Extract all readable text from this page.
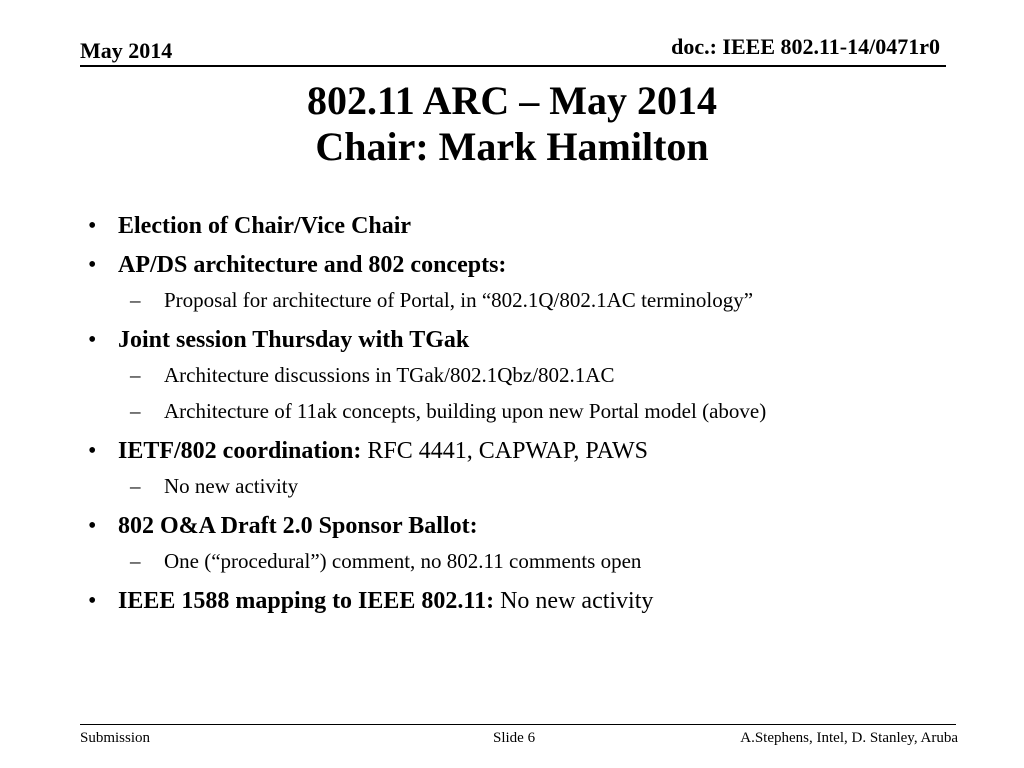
May 2014	doc.: IEEE 802.11-14/0471r0
802.11 ARC – May 2014
Chair: Mark Hamilton
• Election of Chair/Vice Chair
• AP/DS architecture and 802 concepts:
– Proposal for architecture of Portal, in “802.1Q/802.1AC terminology”
• Joint session Thursday with TGak
– Architecture discussions in TGak/802.1Qbz/802.1AC
– Architecture of 11ak concepts, building upon new Portal model (above)
• IETF/802 coordination: RFC 4441, CAPWAP, PAWS
– No new activity
• 802 O&A Draft 2.0 Sponsor Ballot:
– One (“procedural”) comment, no 802.11 comments open
• IEEE 1588 mapping to IEEE 802.11: No new activity
Submission	Slide 6	A.Stephens, Intel, D. Stanley, Aruba
